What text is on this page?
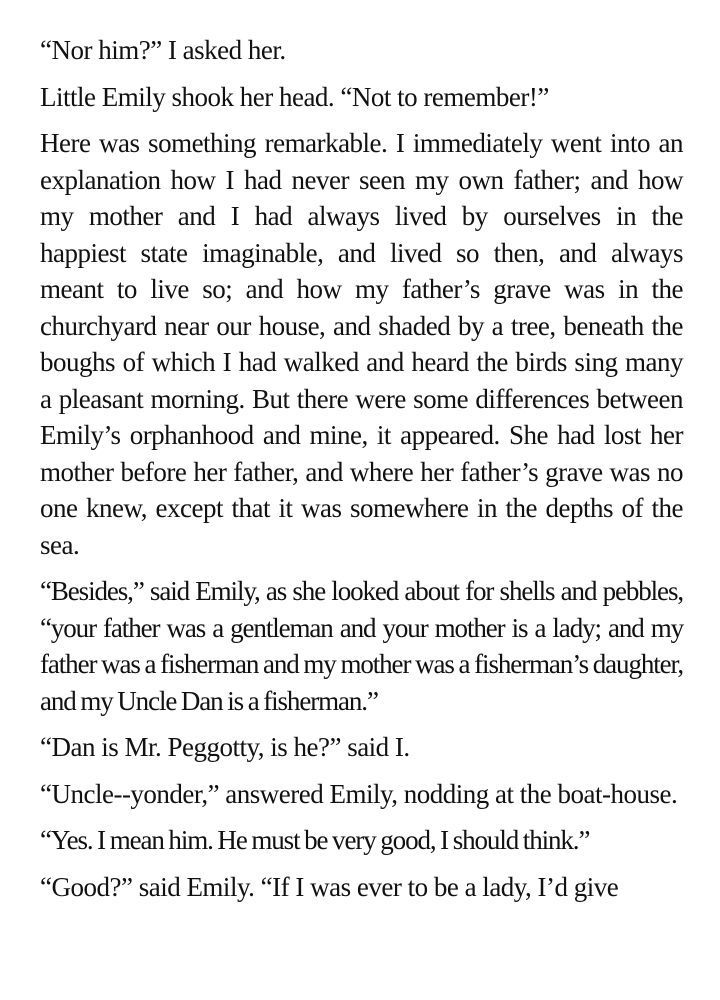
“Nor him?” I asked her.

Little Emily shook her head. “Not to remember!”

Here was something remarkable. I immediately went into an explanation how I had never seen my own father; and how my mother and I had always lived by ourselves in the happiest state imaginable, and lived so then, and always meant to live so; and how my father’s grave was in the churchyard near our house, and shaded by a tree, beneath the boughs of which I had walked and heard the birds sing many a pleasant morning. But there were some differences between Emily’s orphanhood and mine, it appeared. She had lost her mother before her father, and where her father’s grave was no one knew, except that it was somewhere in the depths of the sea.

“Besides,” said Emily, as she looked about for shells and pebbles, “your father was a gentleman and your mother is a lady; and my father was a fisherman and my mother was a fisherman’s daughter, and my Uncle Dan is a fisherman.”

“Dan is Mr. Peggotty, is he?” said I.

“Uncle--yonder,” answered Emily, nodding at the boat-house.

“Yes. I mean him. He must be very good, I should think.”

“Good?” said Emily. “If I was ever to be a lady, I’d give
